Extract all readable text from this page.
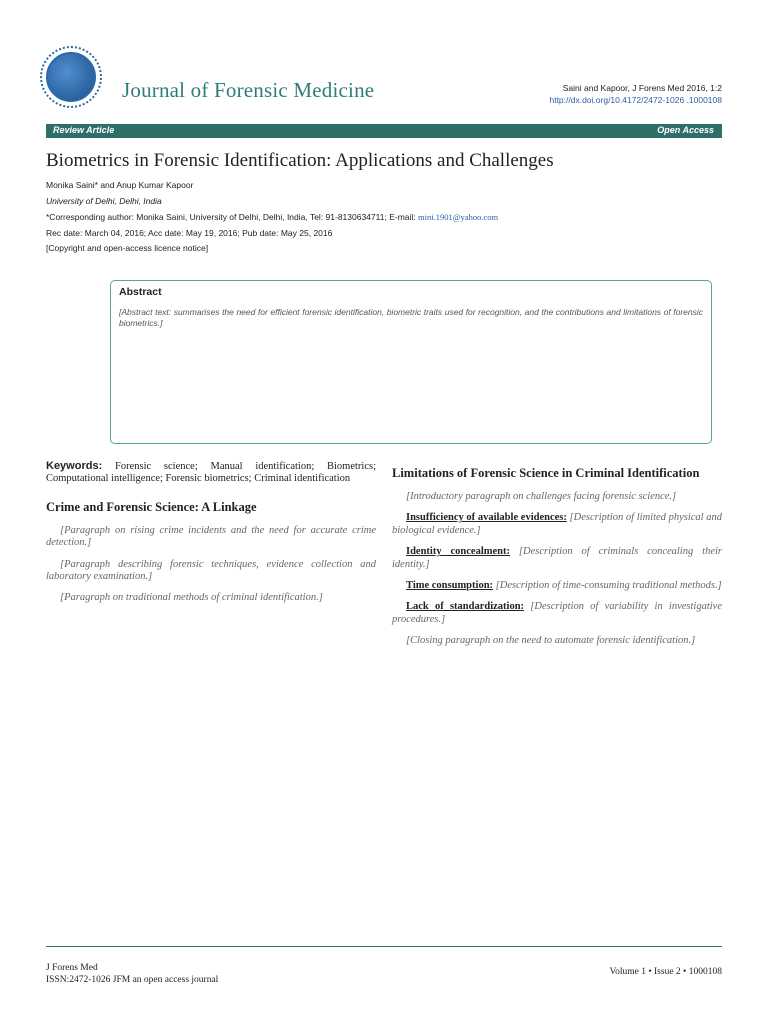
Journal of Forensic Medicine	Saini and Kapoor, J Forens Med 2016, 1:2
http://dx.doi.org/10.4172/2472-1026 .1000108
Review Article	Open Access
Biometrics in Forensic Identification: Applications and Challenges
Monika Saini* and Anup Kumar Kapoor
University of Delhi, Delhi, India
*Corresponding author: Monika Saini, University of Delhi, Delhi, India, Tel: 91-8130634711; E-mail: mini.1901@yahoo.com
Rec date: March 04, 2016; Acc date: May 19, 2016; Pub date: May 25, 2016
[Copyright and open-access licence notice]
Abstract
[Abstract text: summarises the need for efficient forensic identification, biometric traits used for recognition, and the contributions and limitations of forensic biometrics.]
Keywords: Forensic science; Manual identification; Biometrics; Computational intelligence; Forensic biometrics; Criminal identification
Crime and Forensic Science: A Linkage

[Paragraph on rising crime incidents and the need for accurate crime detection.]

[Paragraph describing forensic techniques, evidence collection and laboratory examination.]

[Paragraph on traditional methods of criminal identification.]

Limitations of Forensic Science in Criminal Identification

[Introductory paragraph on challenges facing forensic science.]

Insufficiency of available evidences: [Description of limited physical and biological evidence.]

Identity concealment: [Description of criminals concealing their identity.]

Time consumption: [Description of time-consuming traditional methods.]

Lack of standardization: [Description of variability in investigative procedures.]

[Closing paragraph on the need to automate forensic identification.]

J Forens Med
ISSN:2472-1026 JFM an open access journal
Volume 1 • Issue 2 • 1000108
